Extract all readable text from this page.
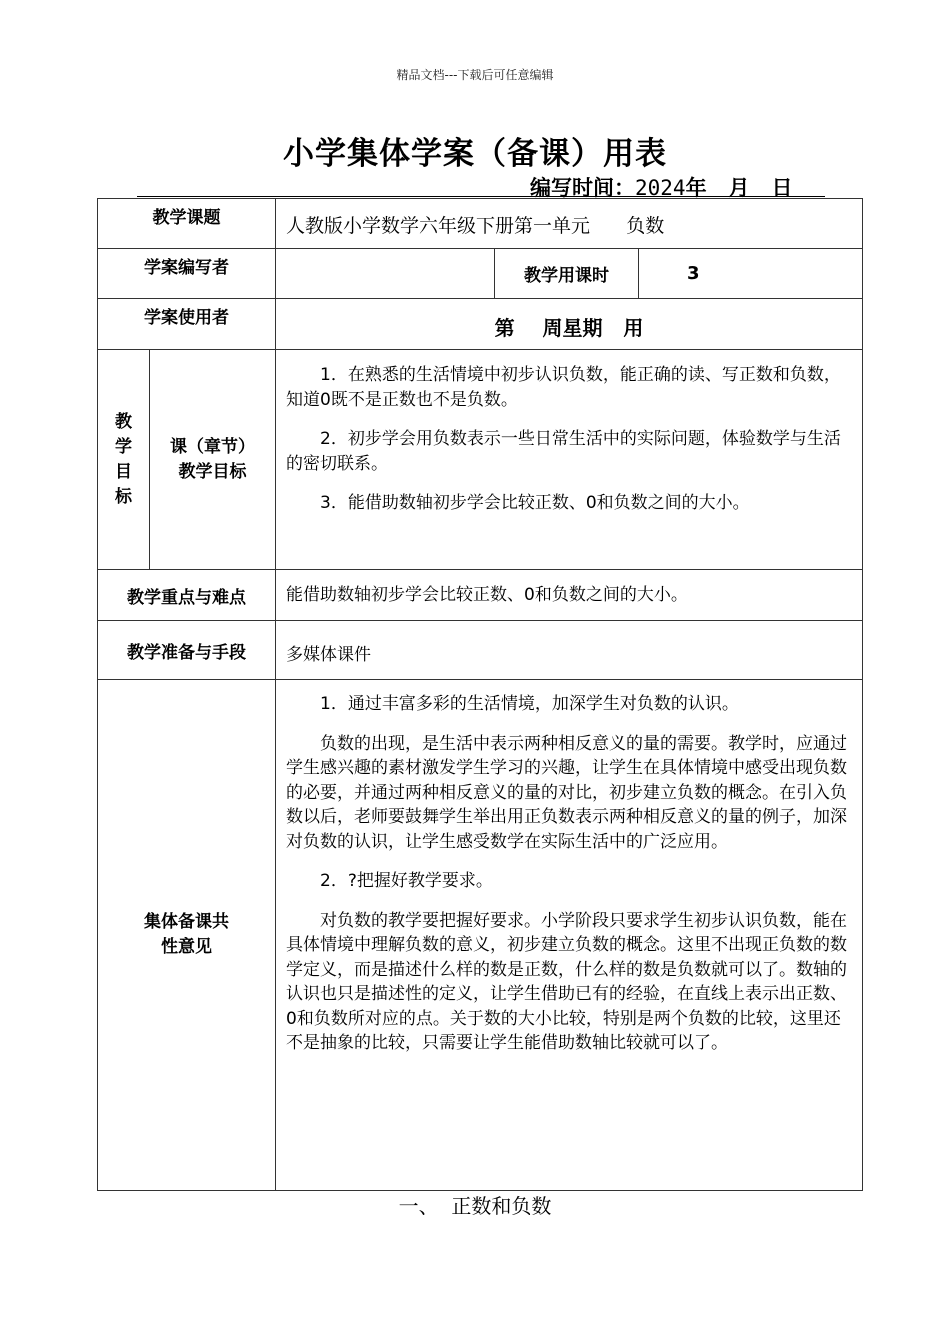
精品文档---下载后可任意编辑
小学集体学案（备课）用表
编写时间：2024年 月 日
教学课题		人教版小学数学六年级下册第一单元      负数		
学案编写者			教学用课时	3
学案使用者		第    周星期   用		
教学目标	课（章节）教学目标	1．在熟悉的生活情境中初步认识负数，能正确的读、写正数和负数，知道0既不是正数也不是负数。

2．初步学会用负数表示一些日常生活中的实际问题，体验数学与生活的密切联系。

3．能借助数轴初步学会比较正数、0和负数之间的大小。		

教学重点与难点		能借助数轴初步学会比较正数、0和负数之间的大小。		

教学准备与手段		多媒体课件		

集体备课共性意见		1．通过丰富多彩的生活情境，加深学生对负数的认识。

负数的出现，是生活中表示两种相反意义的量的需要。教学时，应通过学生感兴趣的素材激发学生学习的兴趣，让学生在具体情境中感受出现负数的必要，并通过两种相反意义的量的对比，初步建立负数的概念。在引入负数以后，老师要鼓舞学生举出用正负数表示两种相反意义的量的例子，加深对负数的认识，让学生感受数学在实际生活中的广泛应用。

2．?把握好教学要求。

对负数的教学要把握好要求。小学阶段只要求学生初步认识负数，能在具体情境中理解负数的意义，初步建立负数的概念。这里不出现正负数的数学定义，而是描述什么样的数是正数，什么样的数是负数就可以了。数轴的认识也只是描述性的定义，让学生借助已有的经验，在直线上表示出正数、0和负数所对应的点。关于数的大小比较，特别是两个负数的比较，这里还不是抽象的比较，只需要让学生能借助数轴比较就可以了。		

一、  正数和负数
